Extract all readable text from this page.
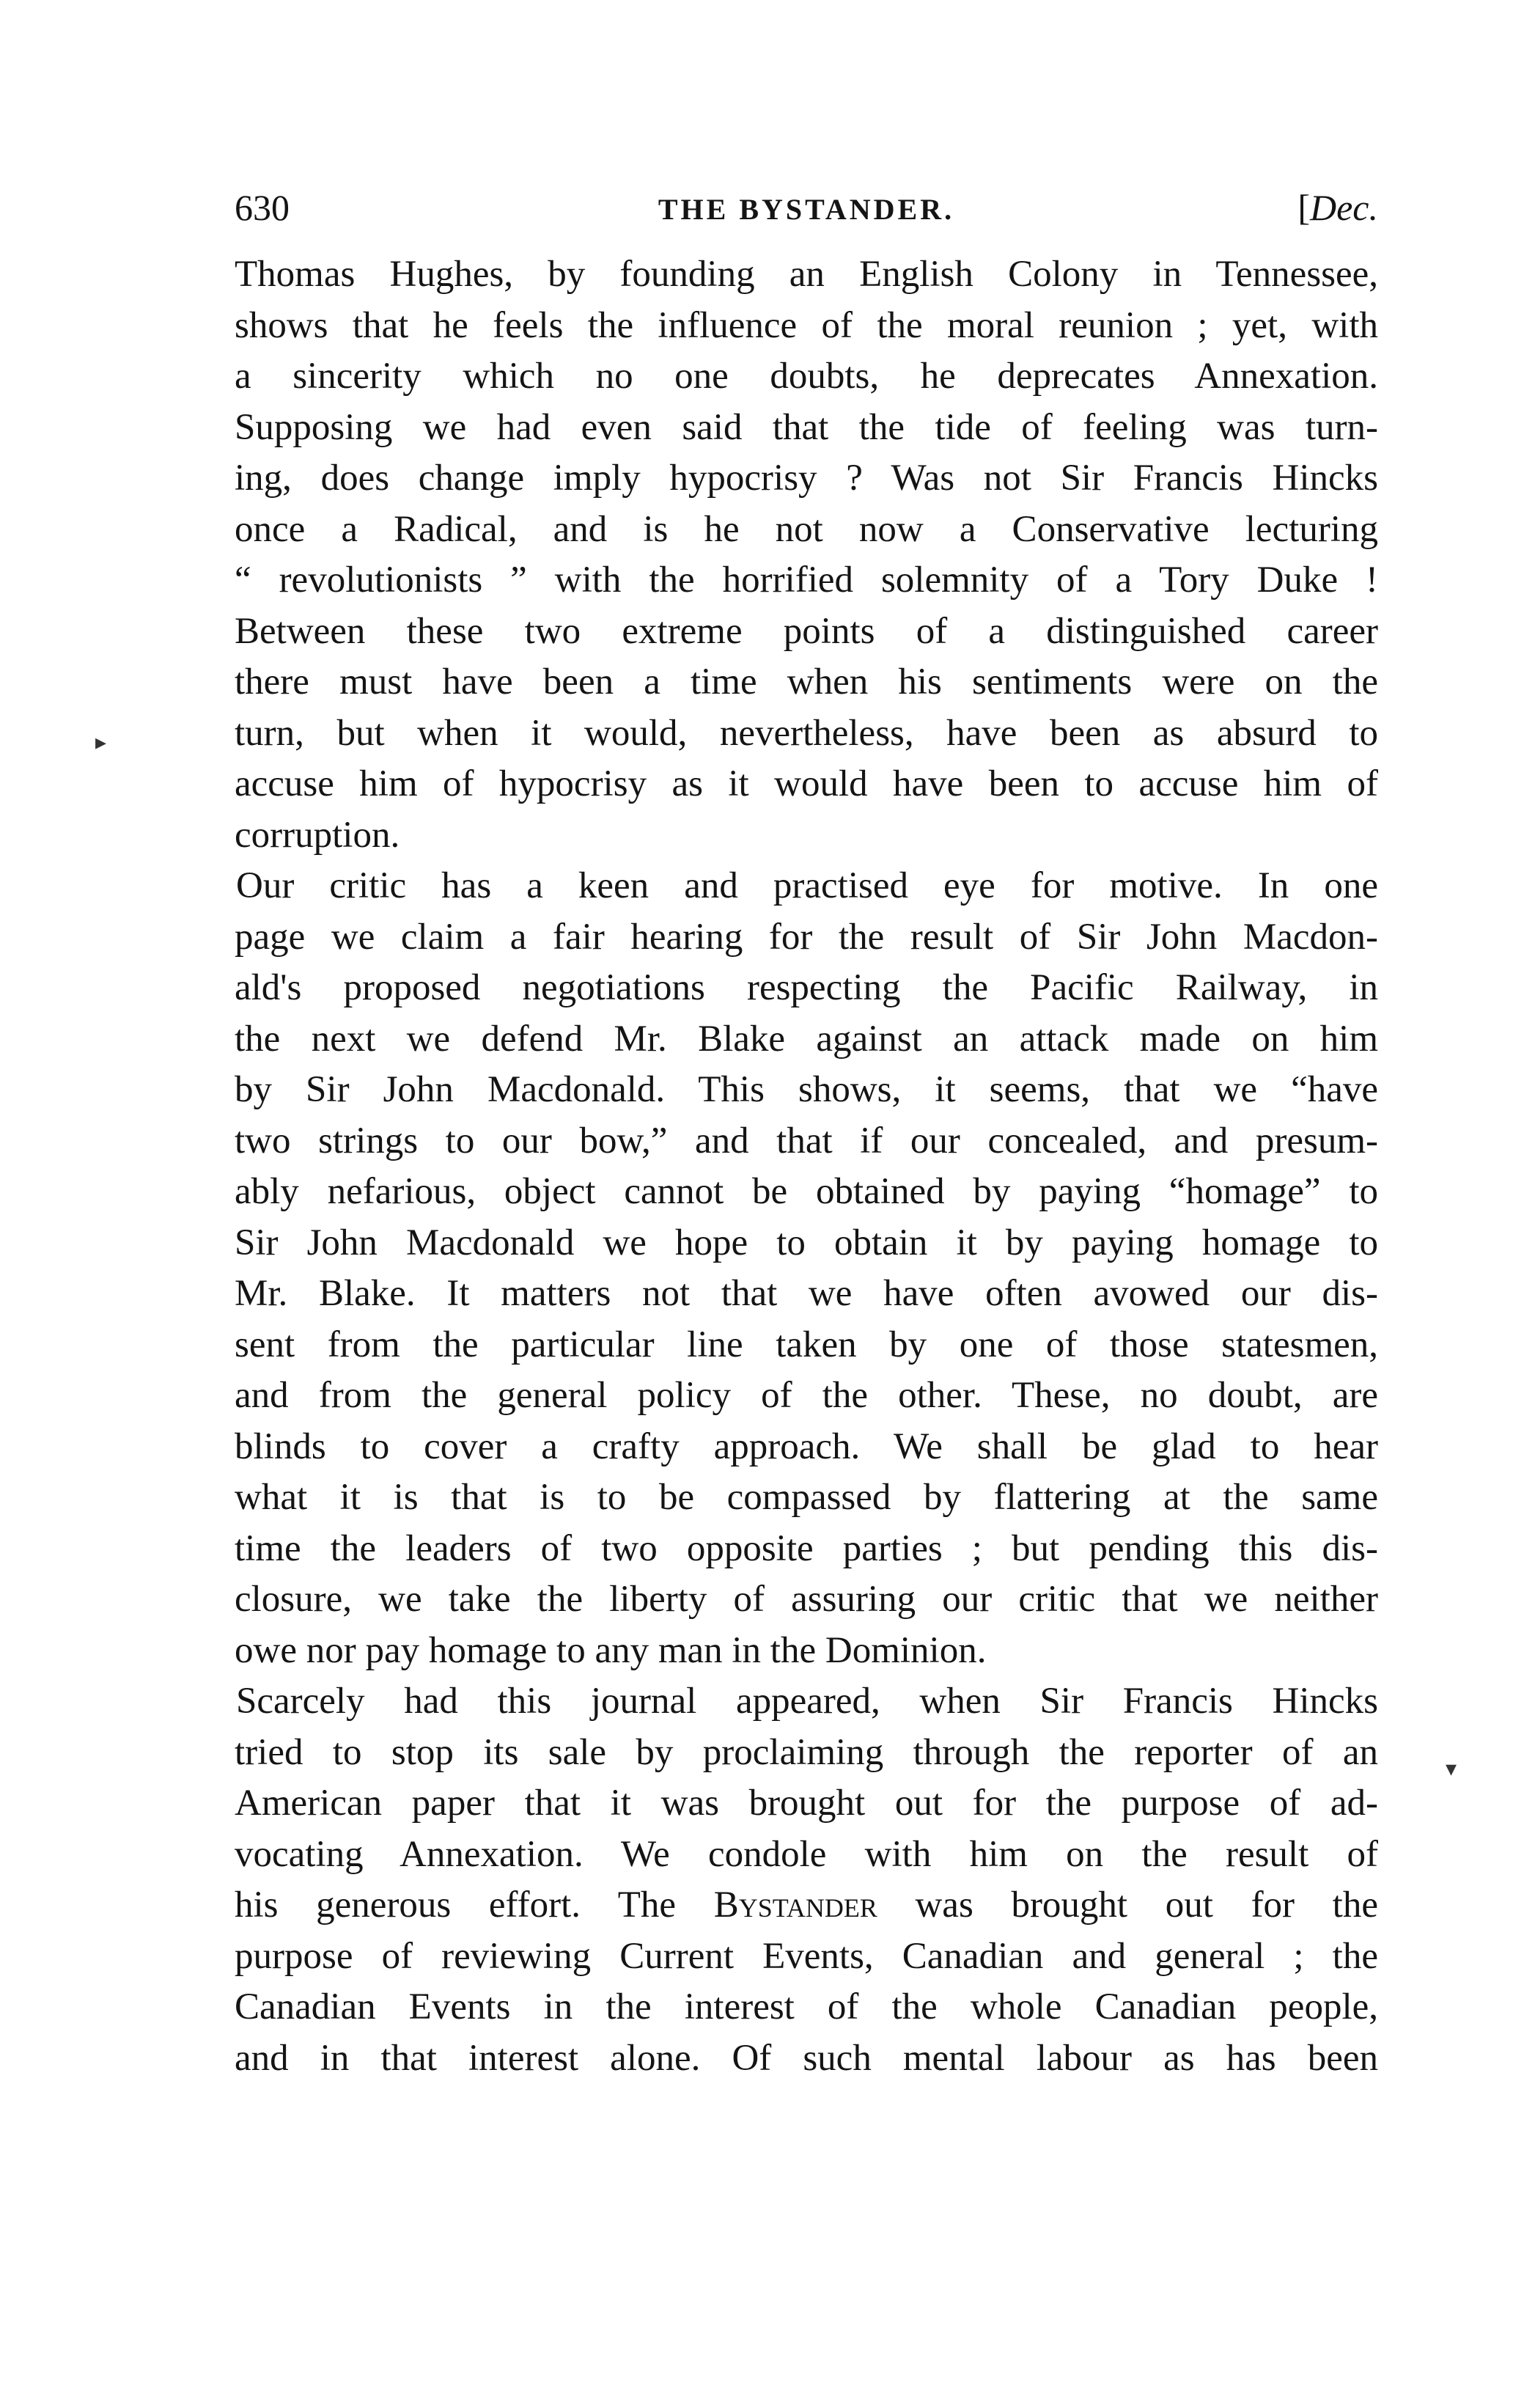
630	THE BYSTANDER.	[Dec.
▸
▾
Thomas Hughes, by founding an English Colony in Tennessee,
shows that he feels the influence of the moral reunion ; yet, with
a sincerity which no one doubts, he deprecates Annexation.
Supposing we had even said that the tide of feeling was turn-
ing, does change imply hypocrisy ? Was not Sir Francis Hincks
once a Radical, and is he not now a Conservative lecturing
“ revolutionists ” with the horrified solemnity of a Tory Duke !
Between these two extreme points of a distinguished career
there must have been a time when his sentiments were on the
turn, but when it would, nevertheless, have been as absurd to
accuse him of hypocrisy as it would have been to accuse him of
corruption.
Our critic has a keen and practised eye for motive. In one
page we claim a fair hearing for the result of Sir John Macdon-
ald's proposed negotiations respecting the Pacific Railway, in
the next we defend Mr. Blake against an attack made on him
by Sir John Macdonald. This shows, it seems, that we “have
two strings to our bow,” and that if our concealed, and presum-
ably nefarious, object cannot be obtained by paying “homage” to
Sir John Macdonald we hope to obtain it by paying homage to
Mr. Blake. It matters not that we have often avowed our dis-
sent from the particular line taken by one of those statesmen,
and from the general policy of the other. These, no doubt, are
blinds to cover a crafty approach. We shall be glad to hear
what it is that is to be compassed by flattering at the same
time the leaders of two opposite parties ; but pending this dis-
closure, we take the liberty of assuring our critic that we neither
owe nor pay homage to any man in the Dominion.
Scarcely had this journal appeared, when Sir Francis Hincks
tried to stop its sale by proclaiming through the reporter of an
American paper that it was brought out for the purpose of ad-
vocating Annexation. We condole with him on the result of
his generous effort. The Bystander was brought out for the
purpose of reviewing Current Events, Canadian and general ; the
Canadian Events in the interest of the whole Canadian people,
and in that interest alone. Of such mental labour as has been
